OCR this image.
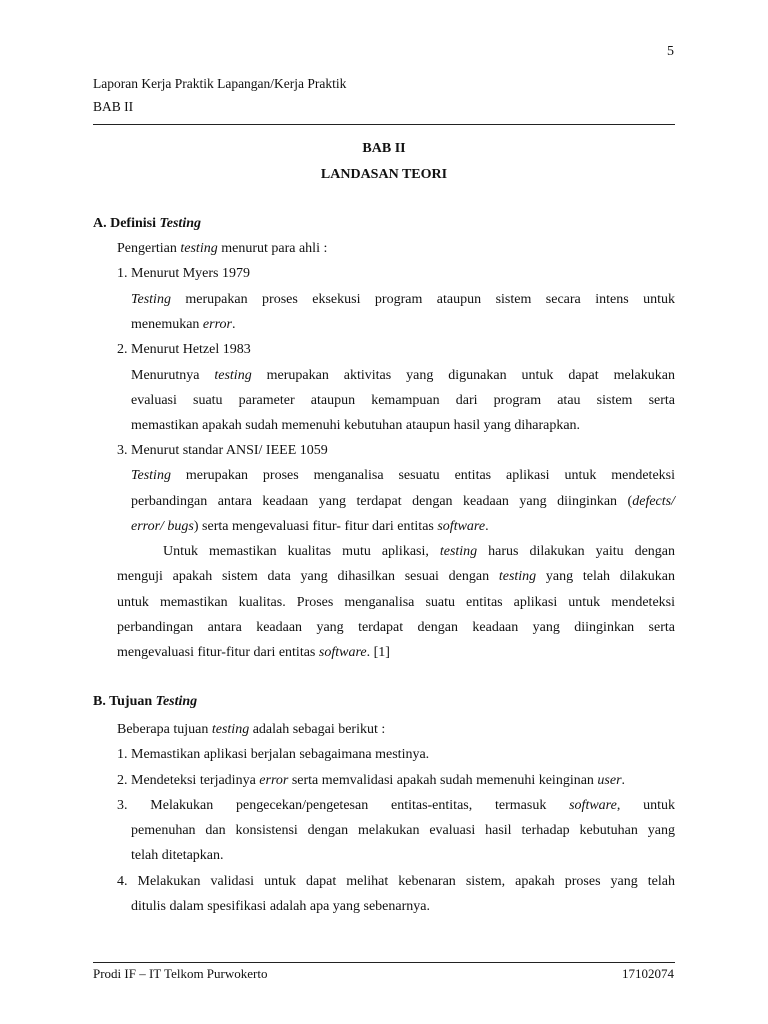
5
Laporan Kerja Praktik Lapangan/Kerja Praktik
BAB II
BAB II
LANDASAN TEORI
A. Definisi Testing
Pengertian testing menurut para ahli :
1. Menurut Myers 1979
Testing merupakan proses eksekusi program ataupun sistem secara intens untuk
menemukan error.
2. Menurut Hetzel 1983
Menurutnya testing merupakan aktivitas yang digunakan untuk dapat melakukan
evaluasi suatu parameter ataupun kemampuan dari program atau sistem serta
memastikan apakah sudah memenuhi kebutuhan ataupun hasil yang diharapkan.
3. Menurut standar ANSI/ IEEE 1059
Testing merupakan proses menganalisa sesuatu entitas aplikasi untuk mendeteksi
perbandingan antara keadaan yang terdapat dengan keadaan yang diinginkan (defects/
error/ bugs) serta mengevaluasi fitur- fitur dari entitas software.
Untuk memastikan kualitas mutu aplikasi, testing harus dilakukan yaitu dengan
menguji apakah sistem data yang dihasilkan sesuai dengan testing yang telah dilakukan
untuk memastikan kualitas. Proses menganalisa suatu entitas aplikasi untuk mendeteksi
perbandingan antara keadaan yang terdapat dengan keadaan yang diinginkan serta
mengevaluasi fitur-fitur dari entitas software. [1]
B. Tujuan Testing
Beberapa tujuan testing adalah sebagai berikut :
1. Memastikan aplikasi berjalan sebagaimana mestinya.
2. Mendeteksi terjadinya error serta memvalidasi apakah sudah memenuhi keinginan user.
3. Melakukan pengecekan/pengetesan entitas-entitas, termasuk software, untuk
pemenuhan dan konsistensi dengan melakukan evaluasi hasil terhadap kebutuhan yang
telah ditetapkan.
4. Melakukan validasi untuk dapat melihat kebenaran sistem, apakah proses yang telah
ditulis dalam spesifikasi adalah apa yang sebenarnya.
Prodi IF – IT Telkom Purwokerto	17102074
